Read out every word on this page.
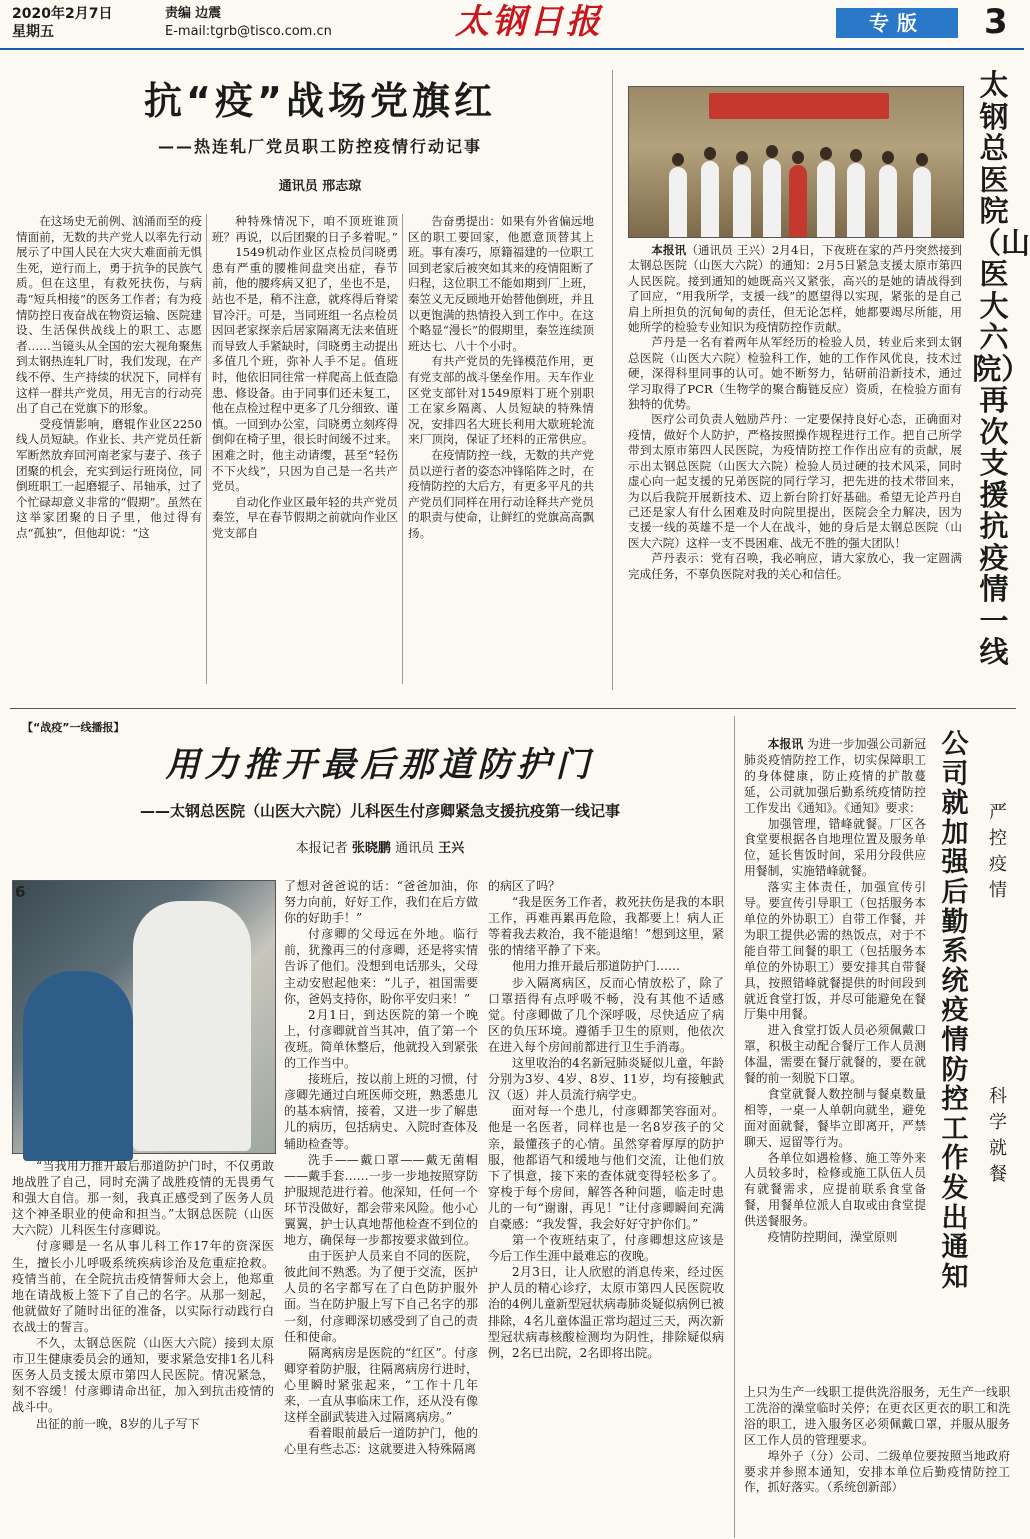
2020年2月7日
星期五
责编 边震
E-mail:tgrb@tisco.com.cn	太钢日报	专版	3
抗“疫”战场党旗红
——热连轧厂党员职工防控疫情行动记事
通讯员 邢志琼

在这场史无前例、汹涌而至的疫情面前，无数的共产党人以率先行动展示了中国人民在大灾大难面前无惧生死，逆行而上，勇于抗争的民族气质。但在这里，有救死扶伤，与病毒“短兵相接”的医务工作者；有为疫情防控日夜奋战在物资运输、医院建设、生活保供战线上的职工、志愿者……当镜头从全国的宏大视角聚焦到太钢热连轧厂时，我们发现，在产线不停、生产持续的状况下，同样有这样一群共产党员，用无言的行动亮出了自己在党旗下的形象。

受疫情影响，磨辊作业区2250线人员短缺。作业长、共产党员任新军断然放弃回河南老家与妻子、孩子团聚的机会，充实到运行班岗位，同倒班职工一起磨辊子、吊轴承，过了个忙碌却意义非常的“假期”。虽然在这举家团聚的日子里，他过得有点“孤独”，但他却说：“这

种特殊情况下，咱不顶班谁顶班？再说，以后团聚的日子多着呢。”

1549机动作业区点检员闫晓勇患有严重的腰椎间盘突出症，春节前，他的腰疼病又犯了，坐也不是，站也不是，稍不注意，就疼得后脊梁冒冷汗。可是，当同班组一名点检员因回老家探亲后居家隔离无法来值班而导致人手紧缺时，闫晓勇主动提出多值几个班，弥补人手不足。值班时，他依旧同往常一样爬高上低查隐患、修设备。由于同事们还未复工，他在点检过程中更多了几分细致、谨慎。一回到办公室，闫晓勇立刻疼得倒仰在椅子里，很长时间缓不过来。困难之时，他主动请缨，甚至“轻伤不下火线”，只因为自己是一名共产党员。

自动化作业区最年轻的共产党员秦笠，早在春节假期之前就向作业区党支部自

告奋勇提出：如果有外省偏远地区的职工要回家，他愿意顶替其上班。事有凑巧，原籍福建的一位职工回到老家后被突如其来的疫情阻断了归程，这位职工不能如期到厂上班，秦笠义无反顾地开始替他倒班，并且以更饱满的热情投入到工作中。在这个略显“漫长”的假期里，秦笠连续顶班达七、八十个小时。

有共产党员的先锋模范作用，更有党支部的战斗堡垒作用。天车作业区党支部针对1549原料丁班个别职工在家乡隔离、人员短缺的特殊情况，安排四名大班长利用大歇班轮流来厂顶岗，保证了坯料的正常供应。

在疫情防控一线，无数的共产党员以逆行者的姿态冲锋陷阵之时，在疫情防控的大后方，有更多平凡的共产党员们同样在用行动诠释共产党员的职责与使命，让鲜红的党旗高高飘扬。

本报讯（通讯员 王兴）2月4日，下夜班在家的芦丹突然接到太钢总医院（山医大六院）的通知：2月5日紧急支援太原市第四人民医院。接到通知的她既高兴又紧张，高兴的是她的请战得到了回应，“用我所学，支援一线”的愿望得以实现，紧张的是自己肩上所担负的沉甸甸的责任，但无论怎样，她都要竭尽所能，用她所学的检验专业知识为疫情防控作贡献。

芦丹是一名有着两年从军经历的检验人员，转业后来到太钢总医院（山医大六院）检验科工作，她的工作作风优良，技术过硬，深得科里同事的认可。她不断努力，钻研前沿新技术，通过学习取得了PCR（生物学的聚合酶链反应）资质，在检验方面有独特的优势。

医疗公司负责人勉励芦丹：一定要保持良好心态，正确面对疫情，做好个人防护，严格按照操作规程进行工作。把自己所学带到太原市第四人民医院，为疫情防控工作作出应有的贡献，展示出太钢总医院（山医大六院）检验人员过硬的技术风采，同时虚心向一起支援的兄弟医院的同行学习，把先进的技术带回来，为以后我院开展新技术、迈上新台阶打好基础。希望无论芦丹自己还是家人有什么困难及时向院里提出，医院会全力解决，因为支援一线的英雄不是一个人在战斗，她的身后是太钢总医院（山医大六院）这样一支不畏困难、战无不胜的强大团队！

芦丹表示：党有召唤，我必响应，请大家放心，我一定圆满完成任务，不辜负医院对我的关心和信任。

太钢总医院（山医大六院）再次支援抗疫情一线
【“战疫”一线播报】
用力推开最后那道防护门
——太钢总医院（山医大六院）儿科医生付彦卿紧急支援抗疫第一线记事
本报记者 张晓鹏 通讯员 王兴
6

“当我用力推开最后那道防护门时，不仅勇敢地战胜了自己，同时充满了战胜疫情的无畏勇气和强大自信。那一刻，我真正感受到了医务人员这个神圣职业的使命和担当。”太钢总医院（山医大六院）儿科医生付彦卿说。

付彦卿是一名从事儿科工作17年的资深医生，擅长小儿呼吸系统疾病诊治及危重症抢救。疫情当前，在全院抗击疫情誓师大会上，他郑重地在请战板上签下了自己的名字。从那一刻起，他就做好了随时出征的准备，以实际行动践行白衣战士的誓言。

不久，太钢总医院（山医大六院）接到太原市卫生健康委员会的通知，要求紧急安排1名儿科医务人员支援太原市第四人民医院。情况紧急，刻不容缓！付彦卿请命出征，加入到抗击疫情的战斗中。

出征的前一晚，8岁的儿子写下

了想对爸爸说的话：“爸爸加油，你努力向前，好好工作，我们在后方做你的好助手！”

付彦卿的父母远在外地。临行前，犹豫再三的付彦卿，还是将实情告诉了他们。没想到电话那头，父母主动安慰起他来：“儿子，祖国需要你，爸妈支持你，盼你平安归来！”

2月1日，到达医院的第一个晚上，付彦卿就首当其冲，值了第一个夜班。简单休整后，他就投入到紧张的工作当中。

接班后，按以前上班的习惯，付彦卿先通过白班医师交班，熟悉患儿的基本病情，接着，又进一步了解患儿的病历，包括病史、入院时查体及辅助检查等。

洗手——戴口罩——戴无菌帽——戴手套……一步一步地按照穿防护服规范进行着。他深知，任何一个环节没做好，都会带来风险。他小心翼翼，护士认真地帮他检查不到位的地方，确保每一步都按要求做到位。

由于医护人员来自不同的医院，彼此间不熟悉。为了便于交流，医护人员的名字都写在了白色防护服外面。当在防护服上写下自己名字的那一刻，付彦卿深切感受到了自己的责任和使命。

隔离病房是医院的“红区”。付彦卿穿着防护服，往隔离病房行进时，心里瞬时紧张起来，“工作十几年来，一直从事临床工作，还从没有像这样全副武装进入过隔离病房。”

看着眼前最后一道防护门，他的心里有些忐忑：这就要进入特殊隔离

的病区了吗？

“我是医务工作者，救死扶伤是我的本职工作，再难再累再危险，我都要上！病人正等着我去救治，我不能退缩！”想到这里，紧张的情绪平静了下来。

他用力推开最后那道防护门……

步入隔离病区，反而心情放松了，除了口罩捂得有点呼吸不畅，没有其他不适感觉。付彦卿做了几个深呼吸，尽快适应了病区的负压环境。遵循手卫生的原则，他依次在进入每个房间前都进行卫生手消毒。

这里收治的4名新冠肺炎疑似儿童，年龄分别为3岁、4岁、8岁、11岁，均有接触武汉（返）并人员流行病学史。

面对每一个患儿，付彦卿都笑容面对。他是一名医者，同样也是一名8岁孩子的父亲，最懂孩子的心情。虽然穿着厚厚的防护服，他都语气和缓地与他们交流，让他们放下了惧意，接下来的查体就变得轻松多了。穿梭于每个房间，解答各种问题，临走时患儿的一句“谢谢，再见！”让付彦卿瞬间充满自豪感：“我发誓，我会好好守护你们。”

第一个夜班结束了，付彦卿想这应该是今后工作生涯中最难忘的夜晚。

2月3日，让人欣慰的消息传来，经过医护人员的精心诊疗，太原市第四人民医院收治的4例儿童新型冠状病毒肺炎疑似病例已被排除，4名儿童体温正常均超过三天，两次新型冠状病毒核酸检测均为阴性，排除疑似病例，2名已出院，2名即将出院。

本报讯 为进一步加强公司新冠肺炎疫情防控工作，切实保障职工的身体健康，防止疫情的扩散蔓延，公司就加强后勤系统疫情防控工作发出《通知》。《通知》要求：

加强管理，错峰就餐。厂区各食堂要根据各自地理位置及服务单位，延长售饭时间，采用分段供应用餐制，实施错峰就餐。

落实主体责任，加强宣传引导。要宣传引导职工（包括服务本单位的外协职工）自带工作餐，并为职工提供必需的热饭点，对于不能自带工间餐的职工（包括服务本单位的外协职工）要安排其自带餐具，按照错峰就餐提供的时间段到就近食堂打饭，并尽可能避免在餐厅集中用餐。

进入食堂打饭人员必须佩戴口罩，积极主动配合餐厅工作人员测体温，需要在餐厅就餐的，要在就餐的前一刻脱下口罩。

食堂就餐人数控制与餐桌数量相等，一桌一人单朝向就坐，避免面对面就餐，餐毕立即离开，严禁聊天、逗留等行为。

各单位如遇检修、施工等外来人员较多时，检修或施工队伍人员有就餐需求，应提前联系食堂备餐，用餐单位派人自取或由食堂提供送餐服务。

疫情防控期间，澡堂原则

公司就加强后勤系统疫情防控工作发出通知
严控疫情
科学就餐

上只为生产一线职工提供洗浴服务，无生产一线职工洗浴的澡堂临时关停；在更衣区更衣的职工和洗浴的职工，进入服务区必须佩戴口罩，并服从服务区工作人员的管理要求。

埠外子（分）公司、二级单位要按照当地政府要求并参照本通知，安排本单位后勤疫情防控工作，抓好落实。（系统创新部）
